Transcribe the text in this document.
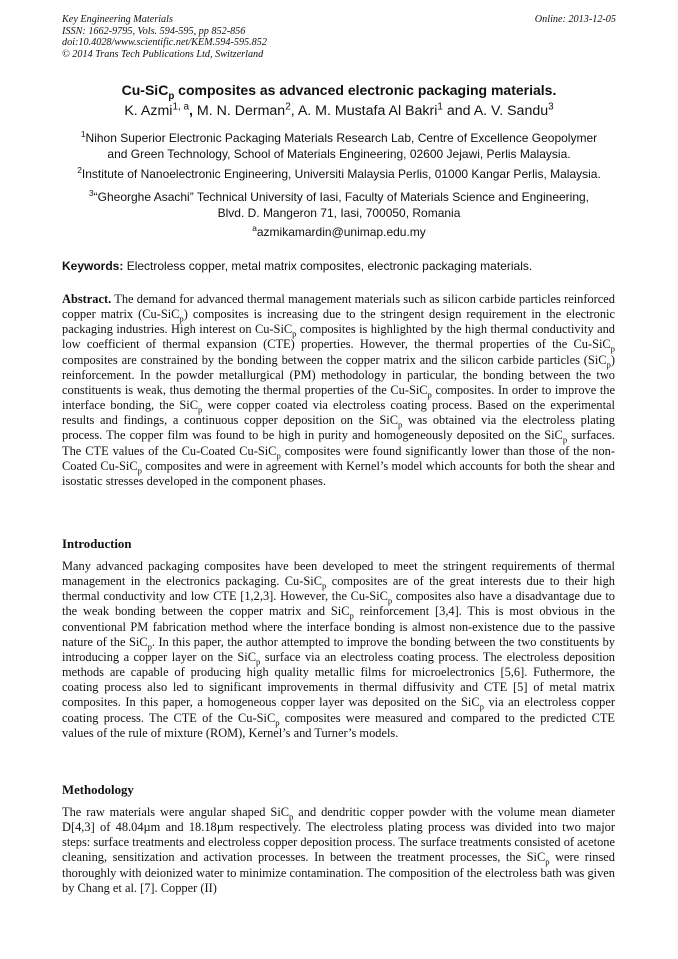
Key Engineering Materials
ISSN: 1662-9795, Vols. 594-595, pp 852-856
doi:10.4028/www.scientific.net/KEM.594-595.852
© 2014 Trans Tech Publications Ltd, Switzerland
Online: 2013-12-05
Cu-SiC$_p$ composites as advanced electronic packaging materials.
K. Azmi$^{1, a}$, M. N. Derman$^2$, A. M. Mustafa Al Bakri$^1$ and A. V. Sandu$^3$
$^1$Nihon Superior Electronic Packaging Materials Research Lab, Centre of Excellence Geopolymer
and Green Technology, School of Materials Engineering, 02600 Jejawi, Perlis Malaysia.
$^2$Institute of Nanoelectronic Engineering, Universiti Malaysia Perlis, 01000 Kangar Perlis, Malaysia.
$^3$“Gheorghe Asachi” Technical University of Iasi, Faculty of Materials Science and Engineering,
Blvd. D. Mangeron 71, Iasi, 700050, Romania
$^a$azmikamardin@unimap.edu.my
Keywords: Electroless copper, metal matrix composites, electronic packaging materials.
Abstract. The demand for advanced thermal management materials such as silicon carbide particles reinforced copper matrix (Cu-SiC$_p$) composites is increasing due to the stringent design requirement in the electronic packaging industries. High interest on Cu-SiC$_p$ composites is highlighted by the high thermal conductivity and low coefficient of thermal expansion (CTE) properties. However, the thermal properties of the Cu-SiC$_p$ composites are constrained by the bonding between the copper matrix and the silicon carbide particles (SiC$_p$) reinforcement. In the powder metallurgical (PM) methodology in particular, the bonding between the two constituents is weak, thus demoting the thermal properties of the Cu-SiC$_p$ composites. In order to improve the interface bonding, the SiC$_p$ were copper coated via electroless coating process. Based on the experimental results and findings, a continuous copper deposition on the SiC$_p$ was obtained via the electroless plating process. The copper film was found to be high in purity and homogeneously deposited on the SiC$_p$ surfaces. The CTE values of the Cu-Coated Cu-SiC$_p$ composites were found significantly lower than those of the non-Coated Cu-SiC$_p$ composites and were in agreement with Kernel’s model which accounts for both the shear and isostatic stresses developed in the component phases.
Introduction
Many advanced packaging composites have been developed to meet the stringent requirements of thermal management in the electronics packaging. Cu-SiC$_p$ composites are of the great interests due to their high thermal conductivity and low CTE [1,2,3]. However, the Cu-SiC$_p$ composites also have a disadvantage due to the weak bonding between the copper matrix and SiC$_p$ reinforcement [3,4]. This is most obvious in the conventional PM fabrication method where the interface bonding is almost non-existence due to the passive nature of the SiC$_p$. In this paper, the author attempted to improve the bonding between the two constituents by introducing a copper layer on the SiC$_p$ surface via an electroless coating process. The electroless deposition methods are capable of producing high quality metallic films for microelectronics [5,6]. Futhermore, the coating process also led to significant improvements in thermal diffusivity and CTE [5] of metal matrix composites. In this paper, a homogeneous copper layer was deposited on the SiC$_p$ via an electroless copper coating process. The CTE of the Cu-SiC$_p$ composites were measured and compared to the predicted CTE values of the rule of mixture (ROM), Kernel’s and Turner’s models.
Methodology
The raw materials were angular shaped SiC$_p$ and dendritic copper powder with the volume mean diameter D[4,3] of 48.04µm and 18.18µm respectively. The electroless plating process was divided into two major steps: surface treatments and electroless copper deposition process. The surface treatments consisted of acetone cleaning, sensitization and activation processes. In between the treatment processes, the SiC$_p$ were rinsed thoroughly with deionized water to minimize contamination. The composition of the electroless bath was given by Chang et al. [7]. Copper (II)
